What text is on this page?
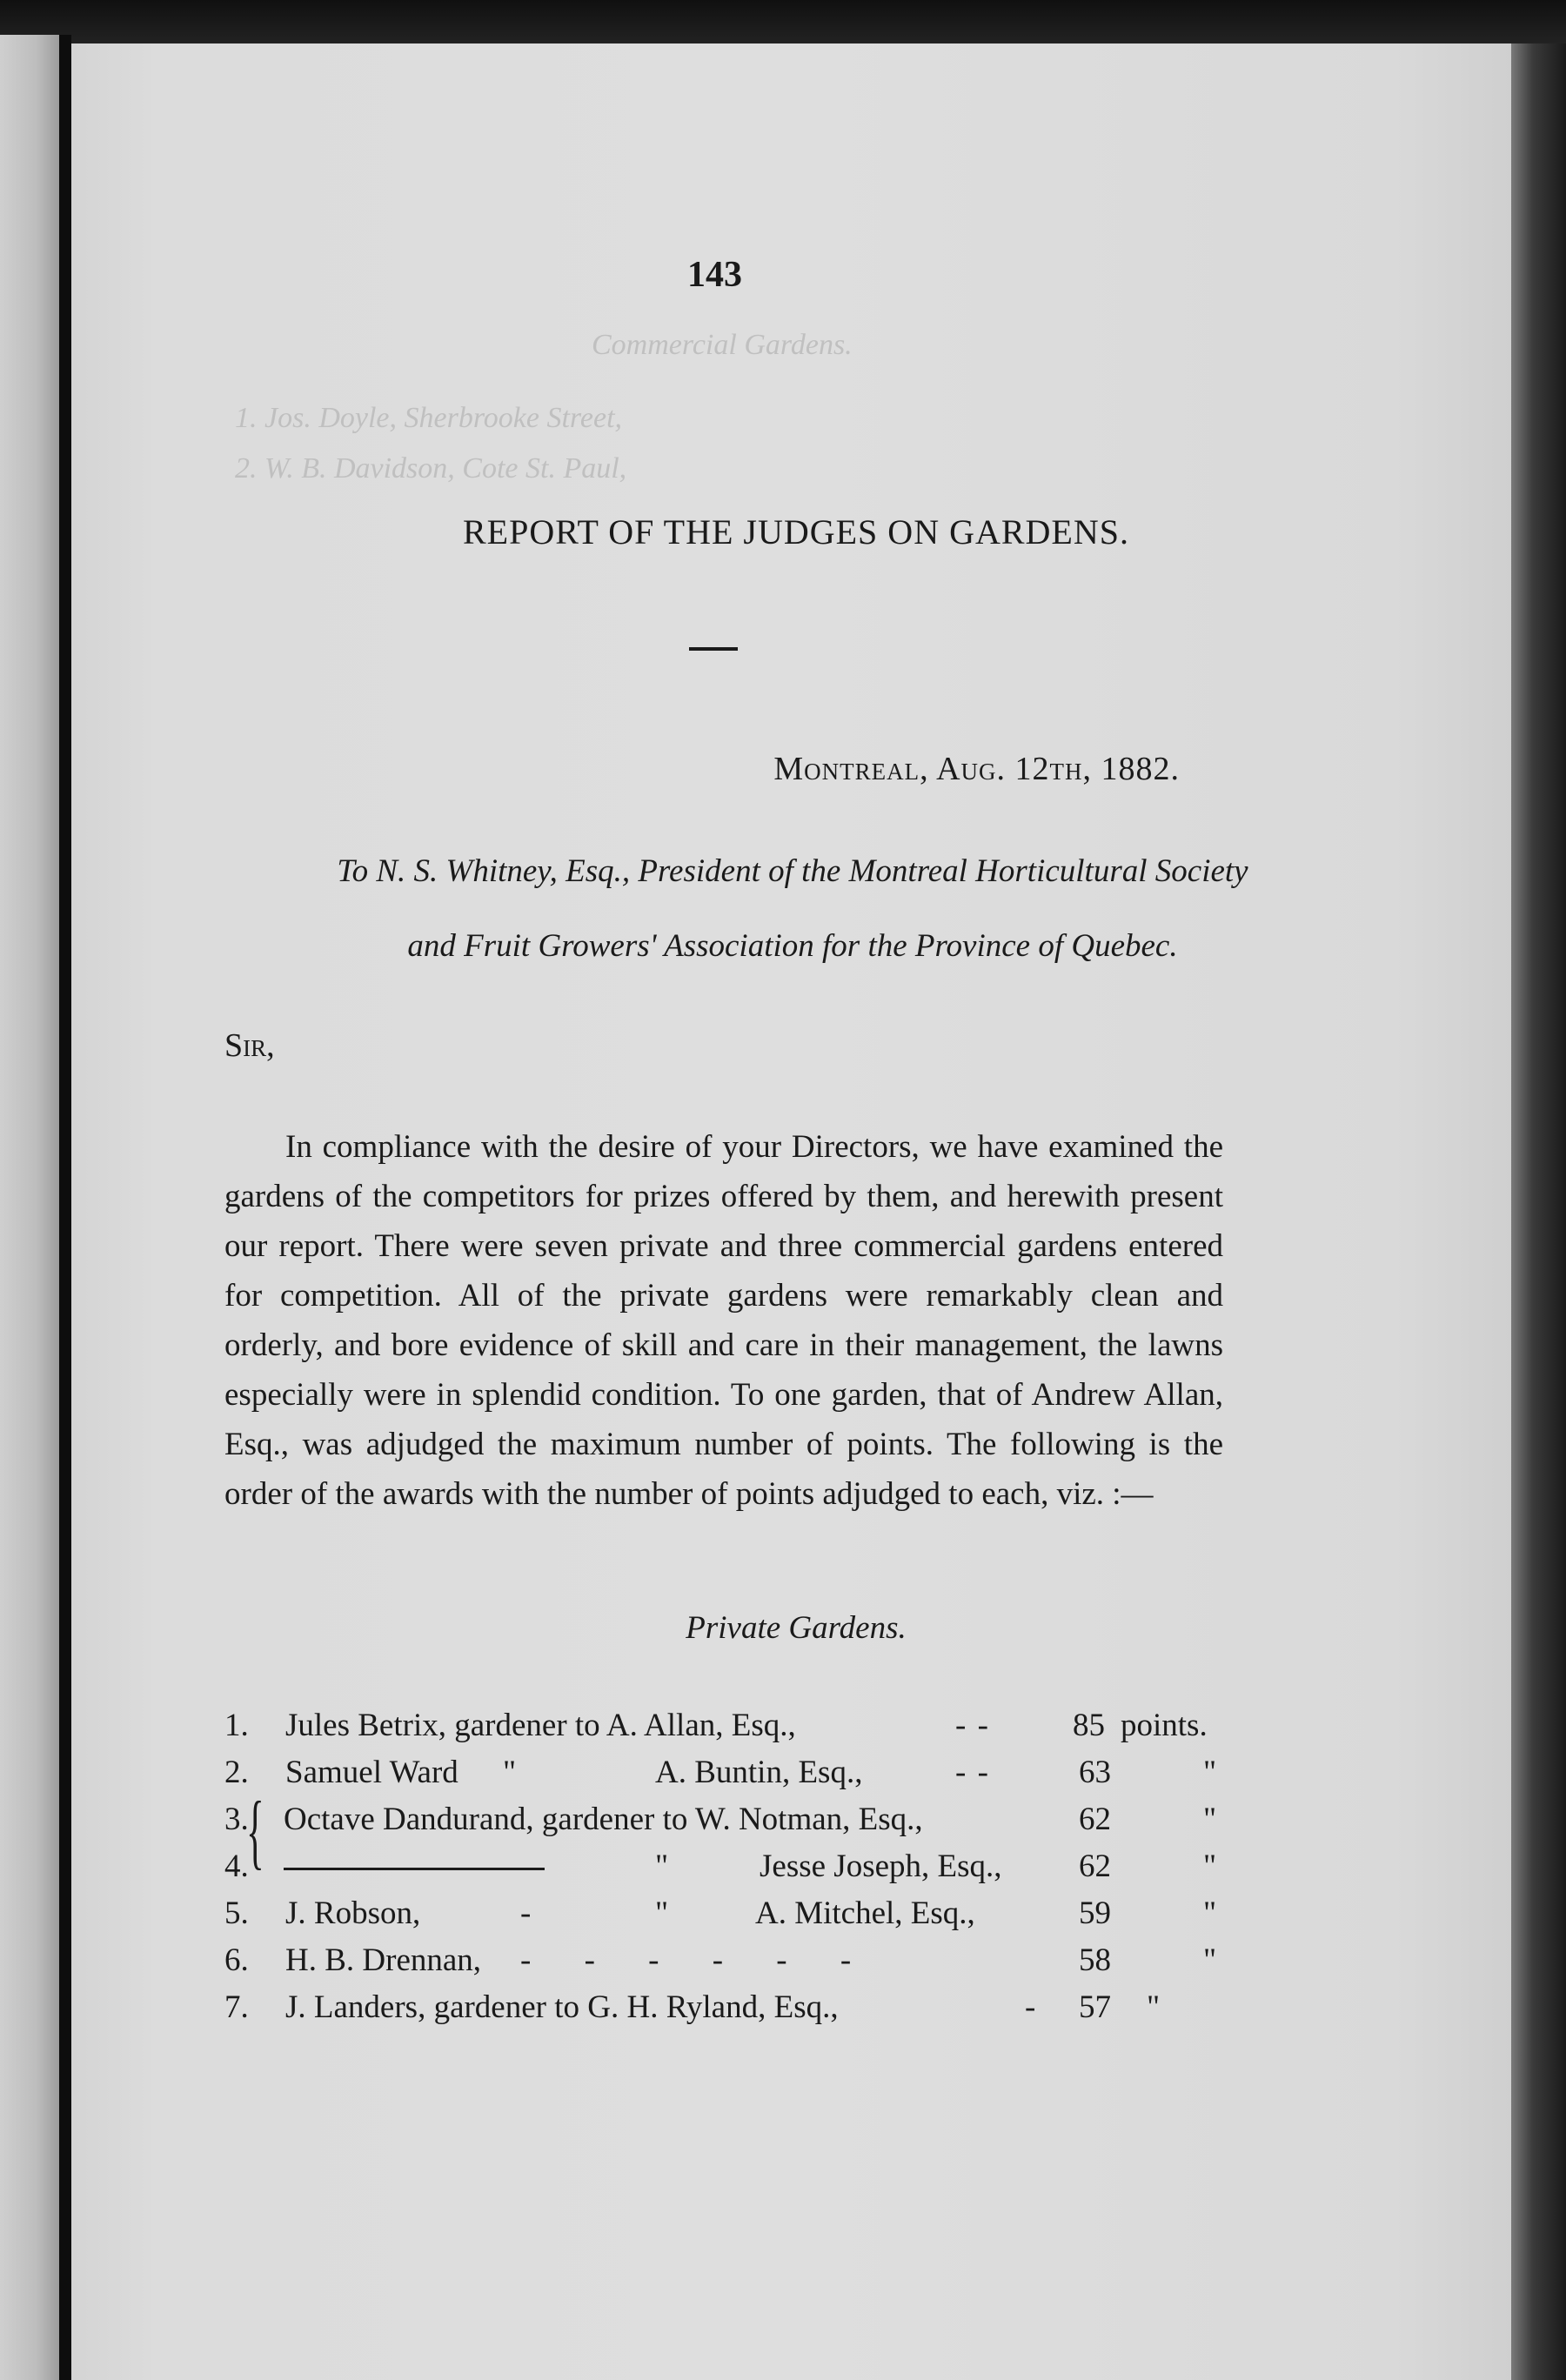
Commercial Gardens.
1. Jos. Doyle, Sherbrooke Street,
2. W. B. Davidson, Cote St. Paul,
143
REPORT OF THE JUDGES ON GARDENS.
Montreal, Aug. 12th, 1882.
To N. S. Whitney, Esq., President of the Montreal Horticultural Society
and Fruit Growers' Association for the Province of Quebec.
Sir,

In compliance with the desire of your Directors, we have examined the gardens of the competitors for prizes offered by them, and herewith present our report. There were seven private and three commercial gardens entered for competition. All of the private gardens were remarkably clean and orderly, and bore evidence of skill and care in their management, the lawns especially were in splendid condition. To one garden, that of Andrew Allan, Esq., was adjudged the maximum number of points. The following is the order of the awards with the number of points adjudged to each, viz. :—

Private Gardens.
1. Jules Betrix, gardener to A. Allan, Esq.,	- -	85 points.
2. Samuel Ward "	A. Buntin, Esq.,	- -	63	"
{
3. Octave Dandurand, gardener to W. Notman, Esq.,	62	"
4.	"	Jesse Joseph, Esq., 62	"
5. J. Robson,	-	"	A. Mitchel, Esq.,	59	"
6. H. B. Drennan, - - - - - -	58	"
7. J. Landers, gardener to G. H. Ryland, Esq.,	- 57 "
